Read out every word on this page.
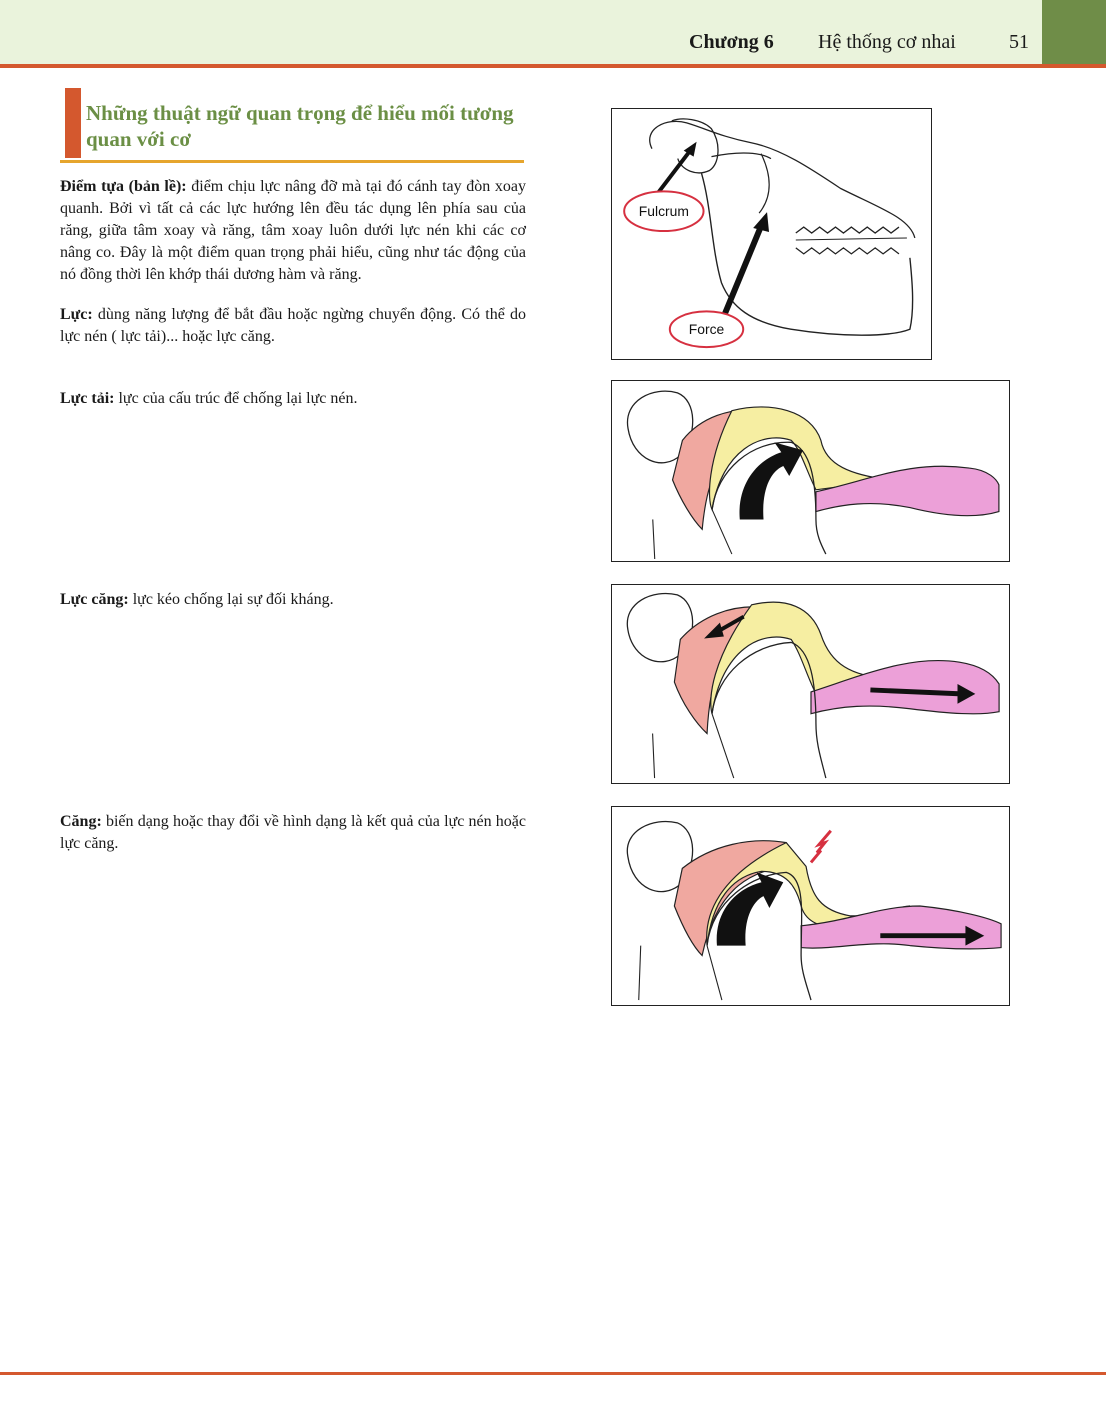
Chương 6 Hệ thống cơ nhai	51
Những thuật ngữ quan trọng để hiểu mối tương quan với cơ

Điểm tựa (bản lề): điểm chịu lực nâng đỡ mà tại đó cánh tay đòn xoay quanh. Bởi vì tất cả các lực hướng lên đều tác dụng lên phía sau của răng, giữa tâm xoay và răng, tâm xoay luôn dưới lực nén khi các cơ nâng co. Đây là một điểm quan trọng phải hiểu, cũng như tác động của nó đồng thời lên khớp thái dương hàm và răng.

Lực: dùng năng lượng để bắt đầu hoặc ngừng chuyển động. Có thể do lực nén ( lực tải)... hoặc lực căng.

Lực tải: lực của cấu trúc để chống lại lực nén.

Lực căng: lực kéo chống lại sự đối kháng.

Căng: biến dạng hoặc thay đổi về hình dạng là kết quả của lực nén hoặc lực căng.

Fulcrum
Force
